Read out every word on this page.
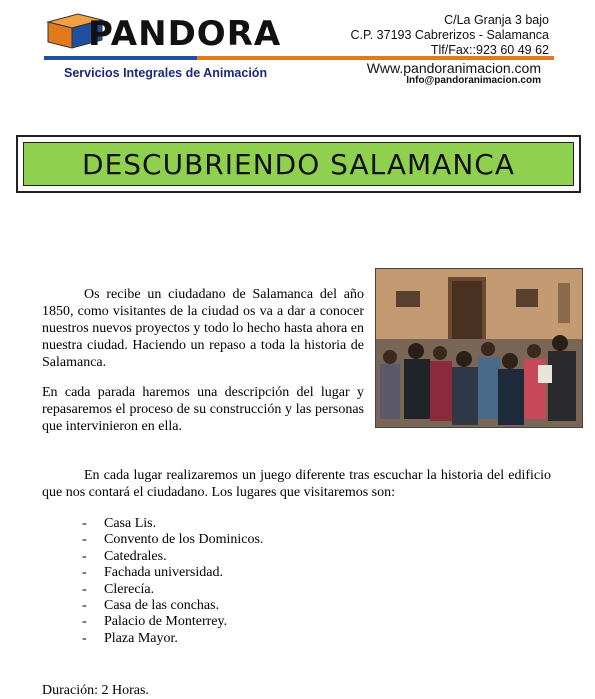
PANDORA
Servicios Integrales de Animación
C/La Granja 3 bajo
C.P. 37193 Cabrerizos - Salamanca
Tlf/Fax::923 60 49 62
Www.pandoranimacion.com
Info@pandoranimacion.com
DESCUBRIENDO SALAMANCA
Os recibe un ciudadano de Salamanca del año 1850, como visitantes de la ciudad os va a dar a conocer nuestros nuevos proyectos y todo lo hecho hasta ahora en nuestra ciudad. Haciendo un repaso a toda la historia de Salamanca.
En cada parada haremos una descripción del lugar y repasaremos el proceso de su construcción y las personas que intervinieron en ella.
En cada lugar realizaremos un juego diferente tras escuchar la historia del edificio que nos contará el ciudadano. Los lugares que visitaremos son:
- Casa Lis.
- Convento de los Dominicos.
- Catedrales.
- Fachada universidad.
- Clerecía.
- Casa de las conchas.
- Palacio de Monterrey.
- Plaza Mayor.
Duración: 2 Horas.
